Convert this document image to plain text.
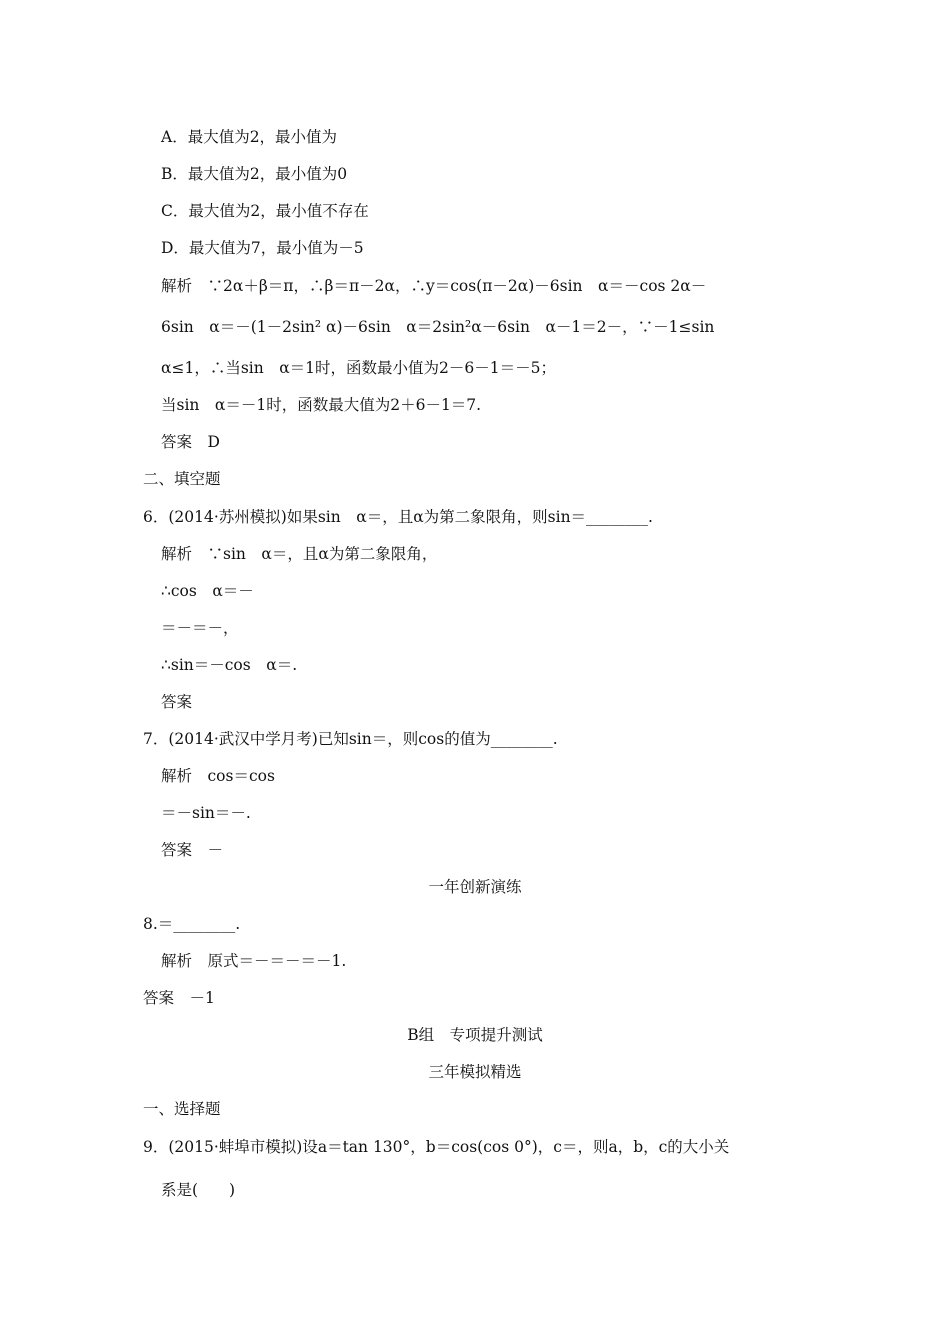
A．最大值为2，最小值为
B．最大值为2，最小值为0
C．最大值为2，最小值不存在
D．最大值为7，最小值为－5
解析　∵2α＋β＝π，∴β＝π－2α，∴y＝cos(π－2α)－6sin　α＝－cos 2α－
6sin　α＝－(1－2sin² α)－6sin　α＝2sin²α－6sin　α－1＝2－，∵－1≤sin
α≤1，∴当sin　α＝1时，函数最小值为2－6－1＝－5；
当sin　α＝－1时，函数最大值为2＋6－1＝7.
答案　D
二、填空题
6．(2014·苏州模拟)如果sin　α＝，且α为第二象限角，则sin＝________.
解析　∵sin　α＝，且α为第二象限角，
∴cos　α＝－
＝－＝－，
∴sin＝－cos　α＝.
答案
7．(2014·武汉中学月考)已知sin＝，则cos的值为________.
解析　cos＝cos
＝－sin＝－.
答案　－
一年创新演练
8.＝________.
解析　原式＝－＝－＝－1.
答案　－1
B组　专项提升测试
三年模拟精选
一、选择题
9．(2015·蚌埠市模拟)设a＝tan 130°，b＝cos(cos 0°)，c＝，则a，b，c的大小关
系是(　　)
